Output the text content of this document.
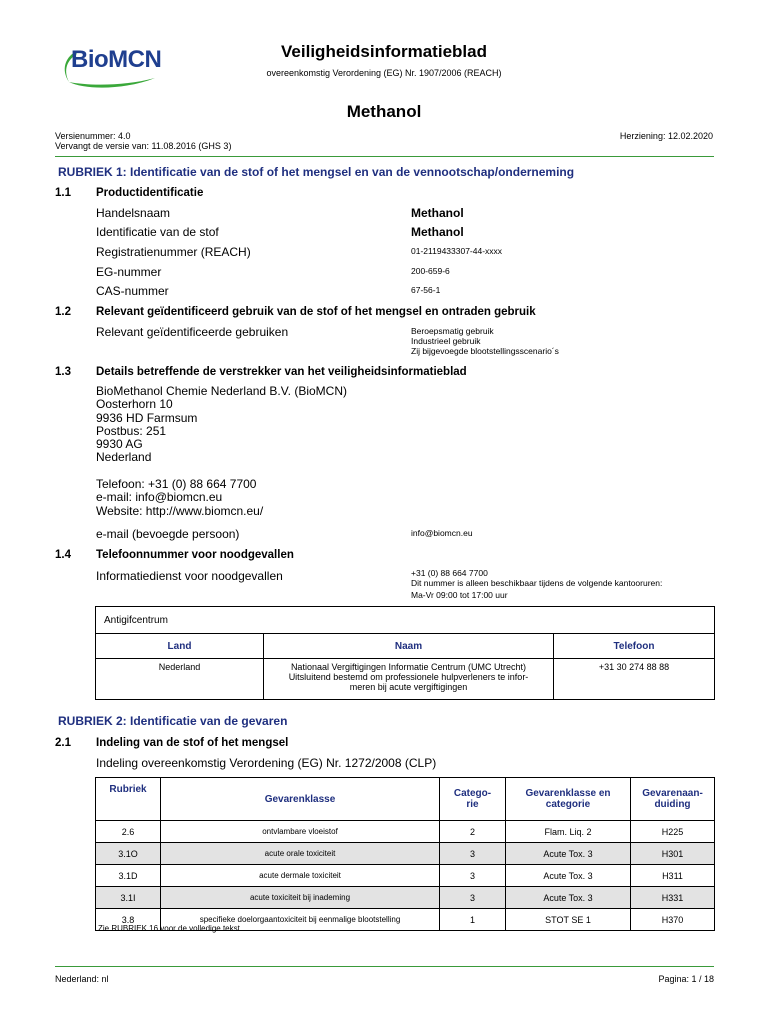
BioMCN	Veiligheidsinformatieblad
overeenkomstig Verordening (EG) Nr. 1907/2006 (REACH)
Methanol
Versienummer: 4.0
Vervangt de versie van: 11.08.2016 (GHS 3)
Herziening: 12.02.2020
RUBRIEK 1: Identificatie van de stof of het mengsel en van de vennootschap/onderneming
1.1 Productidentificatie
Handelsnaam	Methanol
Identificatie van de stof	Methanol
Registratienummer (REACH)	01-2119433307-44-xxxx
EG-nummer	200-659-6
CAS-nummer	67-56-1
1.2 Relevant geïdentificeerd gebruik van de stof of het mengsel en ontraden gebruik
Relevant geïdentificeerde gebruiken	Beroepsmatig gebruik
Industrieel gebruik
Zij bijgevoegde blootstellingsscenario´s
1.3 Details betreffende de verstrekker van het veiligheidsinformatieblad
BioMethanol Chemie Nederland B.V. (BioMCN)
Oosterhorn 10
9936 HD Farmsum
Postbus: 251
9930 AG
Nederland
Telefoon: +31 (0) 88 664 7700
e-mail: info@biomcn.eu
Website: http://www.biomcn.eu/
e-mail (bevoegde persoon)	info@biomcn.eu
1.4 Telefoonnummer voor noodgevallen
Informatiedienst voor noodgevallen	+31 (0) 88 664 7700
Dit nummer is alleen beschikbaar tijdens de volgende kantooruren:
Ma-Vr 09:00 tot 17:00 uur
Antigifcentrum		
Land	Naam	Telefoon
Nederland	Nationaal Vergiftigingen Informatie Centrum (UMC Utrecht)
Uitsluitend bestemd om professionele hulpverleners te infor-
meren bij acute vergiftigingen	+31 30 274 88 88
RUBRIEK 2: Identificatie van de gevaren
2.1 Indeling van de stof of het mengsel
Indeling overeenkomstig Verordening (EG) Nr. 1272/2008 (CLP)
Rubriek	Gevarenklasse	Catego-
rie	Gevarenklasse en
categorie	Gevarenaan-
duiding
2.6	ontvlambare vloeistof	2	Flam. Liq. 2	H225
3.1O	acute orale toxiciteit	3	Acute Tox. 3	H301
3.1D	acute dermale toxiciteit	3	Acute Tox. 3	H311
3.1I	acute toxiciteit bij inademing	3	Acute Tox. 3	H331
3.8	specifieke doelorgaantoxiciteit bij eenmalige blootstelling	1	STOT SE 1	H370
Zie RUBRIEK 16 voor de volledige tekst.
Nederland: nl	Pagina: 1 / 18
